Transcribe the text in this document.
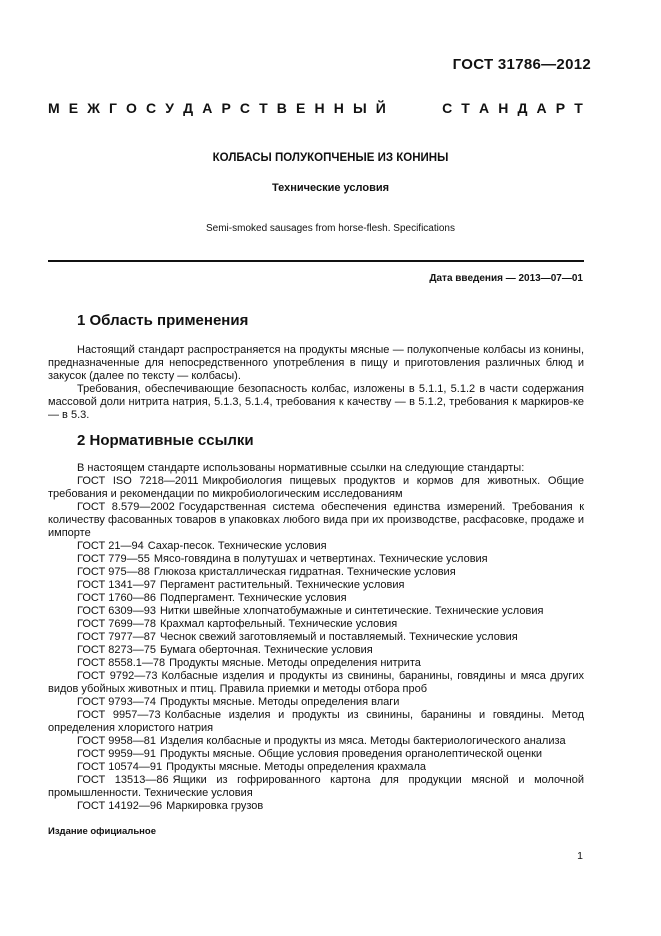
ГОСТ 31786—2012
М Е Ж Г О С У Д А Р С Т В Е Н Н Ы Й	С Т А Н Д А Р Т
КОЛБАСЫ ПОЛУКОПЧЕНЫЕ ИЗ КОНИНЫ
Технические условия
Semi-smoked sausages from horse-flesh. Specifications
Дата введения — 2013—07—01
1 Область применения

Настоящий стандарт распространяется на продукты мясные — полукопченые колбасы из конины, предназначенные для непосредственного употребления в пищу и приготовления различных блюд и закусок (далее по тексту — колбасы).

Требования, обеспечивающие безопасность колбас, изложены в 5.1.1, 5.1.2 в части содержания массовой доли нитрита натрия, 5.1.3, 5.1.4, требования к качеству — в 5.1.2, требования к маркиров-ке — в 5.3.

2 Нормативные ссылки

В настоящем стандарте использованы нормативные ссылки на следующие стандарты:

ГОСТ ISO 7218—2011 Микробиология пищевых продуктов и кормов для животных. Общие требования и рекомендации по микробиологическим исследованиям

ГОСТ 8.579—2002 Государственная система обеспечения единства измерений. Требования к количеству фасованных товаров в упаковках любого вида при их производстве, расфасовке, продаже и импорте

ГОСТ 21—94 Сахар-песок. Технические условия

ГОСТ 779—55 Мясо-говядина в полутушах и четвертинах. Технические условия

ГОСТ 975—88 Глюкоза кристаллическая гидратная. Технические условия

ГОСТ 1341—97 Пергамент растительный. Технические условия

ГОСТ 1760—86 Подпергамент. Технические условия

ГОСТ 6309—93 Нитки швейные хлопчатобумажные и синтетические. Технические условия

ГОСТ 7699—78 Крахмал картофельный. Технические условия

ГОСТ 7977—87 Чеснок свежий заготовляемый и поставляемый. Технические условия

ГОСТ 8273—75 Бумага оберточная. Технические условия

ГОСТ 8558.1—78 Продукты мясные. Методы определения нитрита

ГОСТ 9792—73 Колбасные изделия и продукты из свинины, баранины, говядины и мяса других видов убойных животных и птиц. Правила приемки и методы отбора проб

ГОСТ 9793—74 Продукты мясные. Методы определения влаги

ГОСТ 9957—73 Колбасные изделия и продукты из свинины, баранины и говядины. Метод определения хлористого натрия

ГОСТ 9958—81 Изделия колбасные и продукты из мяса. Методы бактериологического анализа

ГОСТ 9959—91 Продукты мясные. Общие условия проведения органолептической оценки

ГОСТ 10574—91 Продукты мясные. Методы определения крахмала

ГОСТ 13513—86 Ящики из гофрированного картона для продукции мясной и молочной промышленности. Технические условия

ГОСТ 14192—96 Маркировка грузов

Издание официальное
1
